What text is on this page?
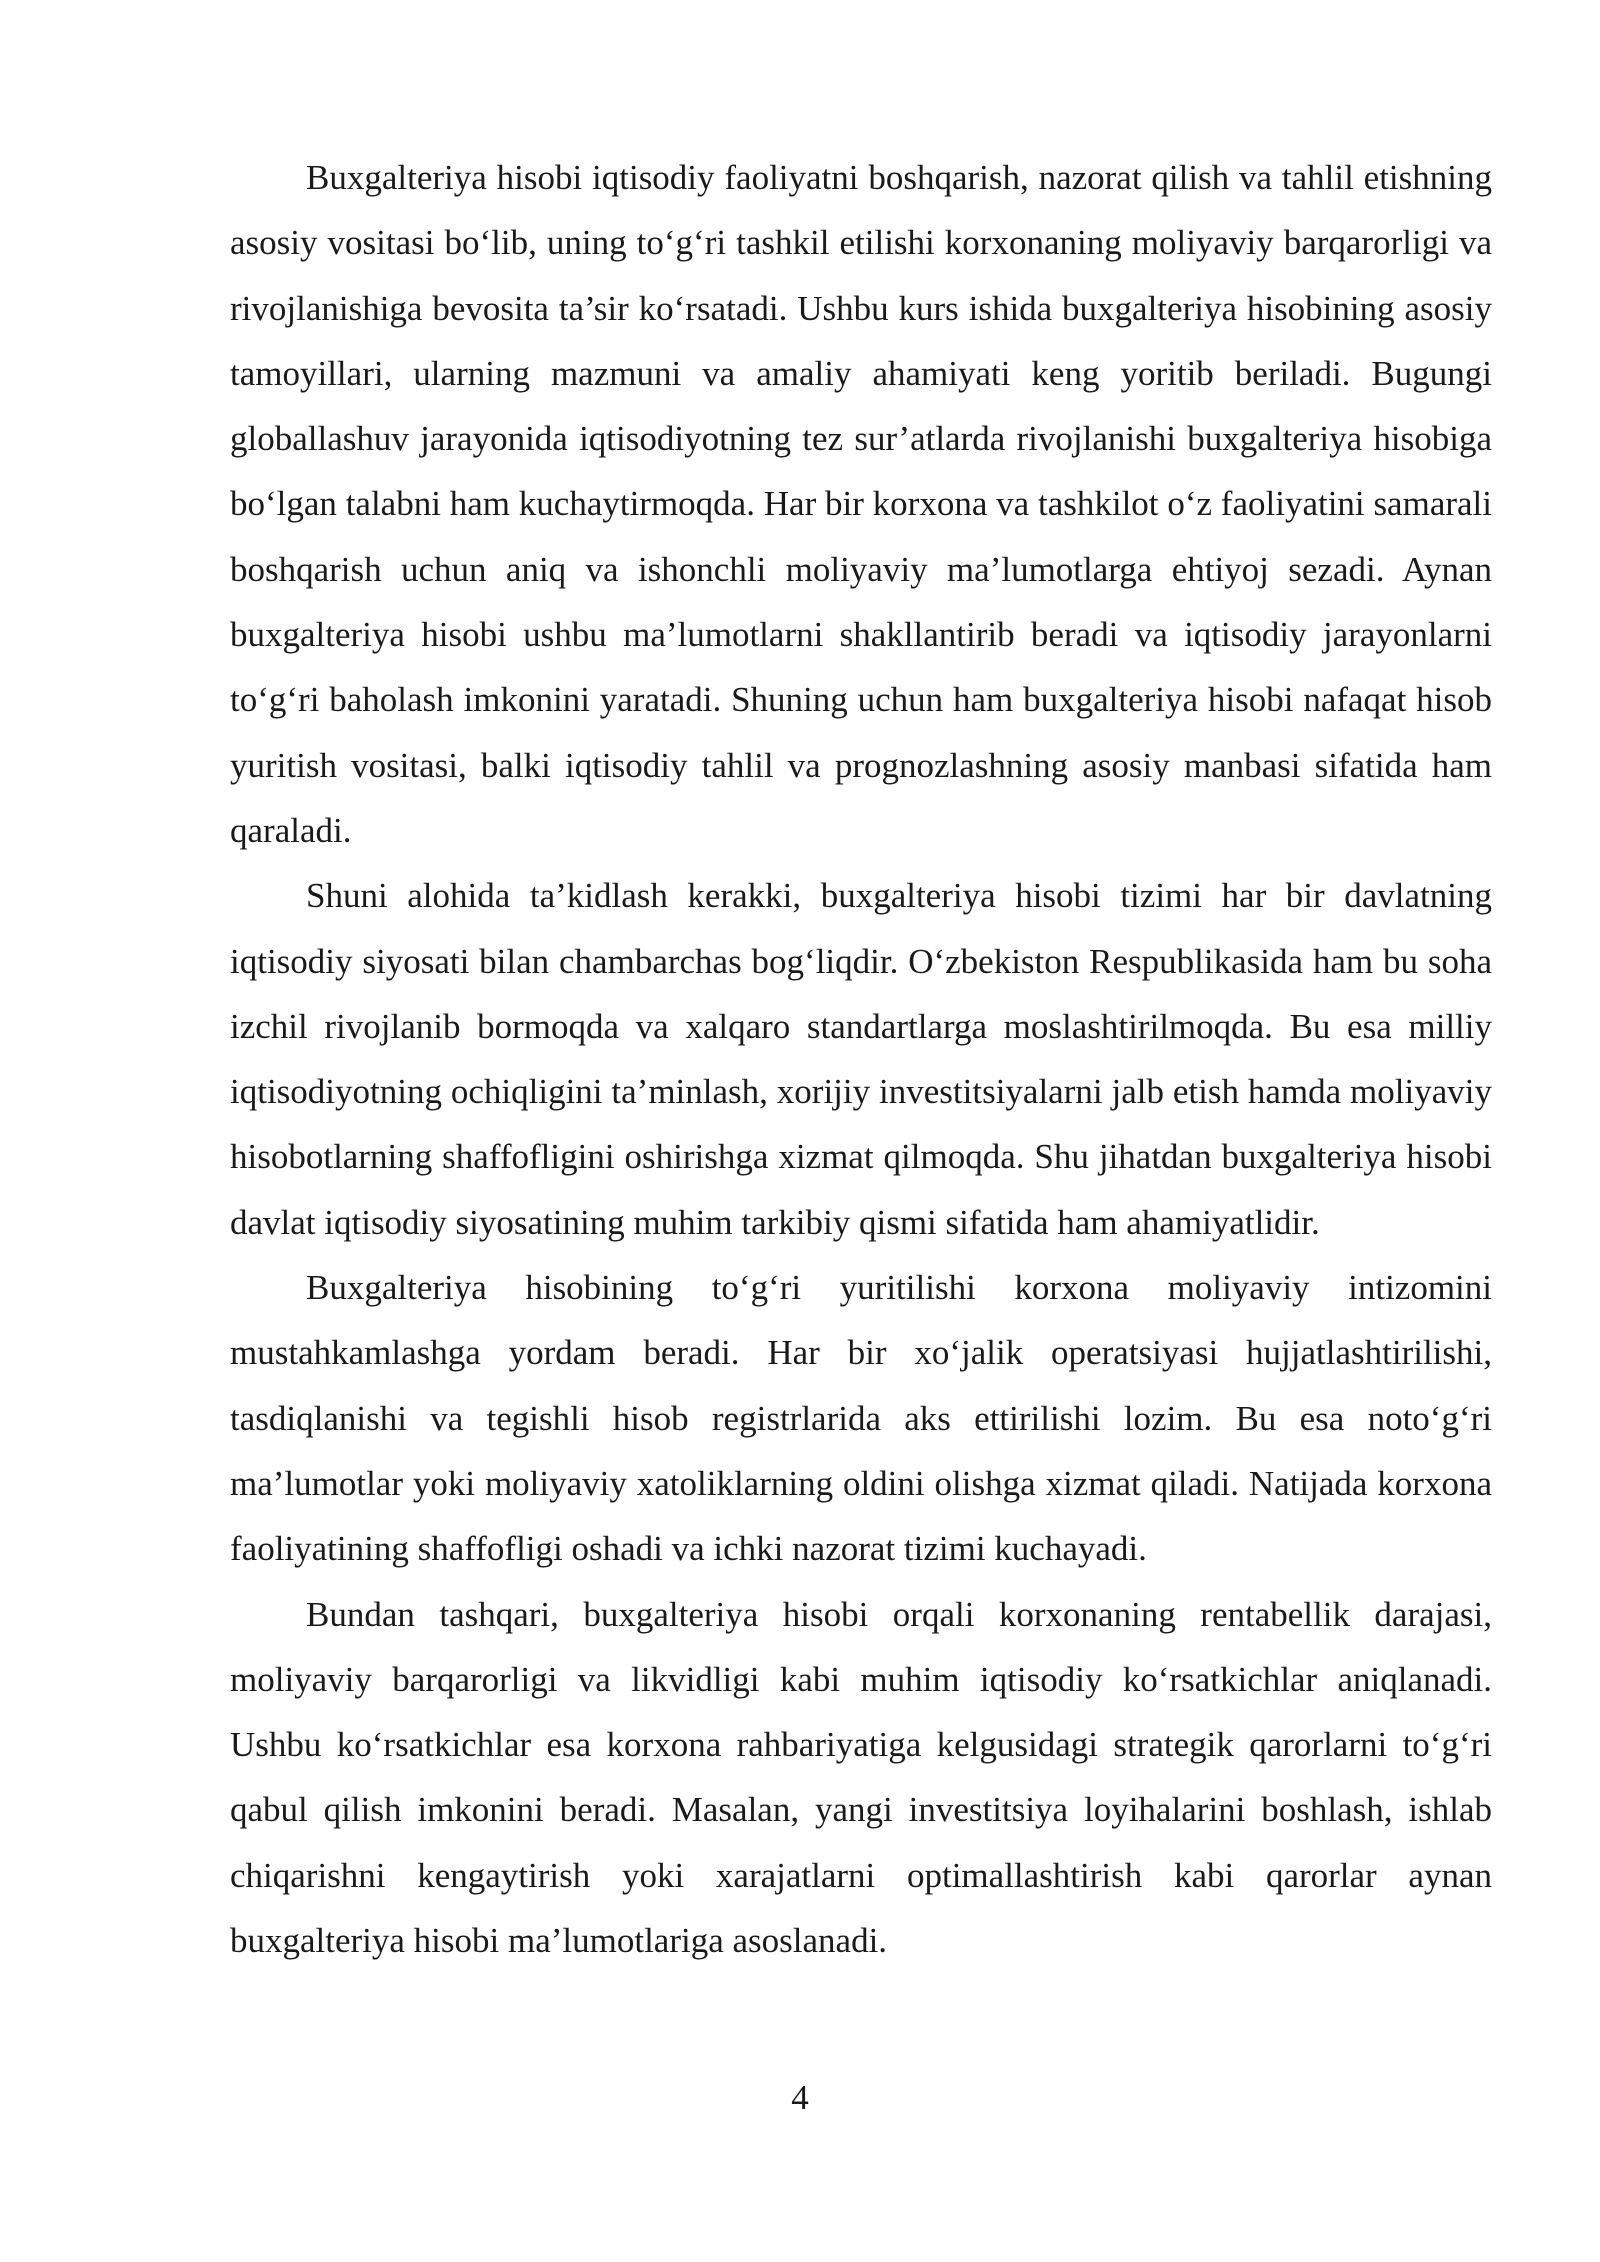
Buxgalteriya hisobi iqtisodiy faoliyatni boshqarish, nazorat qilish va tahlil etishning asosiy vositasi bo‘lib, uning to‘g‘ri tashkil etilishi korxonaning moliyaviy barqarorligi va rivojlanishiga bevosita ta’sir ko‘rsatadi. Ushbu kurs ishida buxgalteriya hisobining asosiy tamoyillari, ularning mazmuni va amaliy ahamiyati keng yoritib beriladi. Bugungi globallashuv jarayonida iqtisodiyotning tez sur’atlarda rivojlanishi buxgalteriya hisobiga bo‘lgan talabni ham kuchaytirmoqda. Har bir korxona va tashkilot o‘z faoliyatini samarali boshqarish uchun aniq va ishonchli moliyaviy ma’lumotlarga ehtiyoj sezadi. Aynan buxgalteriya hisobi ushbu ma’lumotlarni shakllantirib beradi va iqtisodiy jarayonlarni to‘g‘ri baholash imkonini yaratadi. Shuning uchun ham buxgalteriya hisobi nafaqat hisob yuritish vositasi, balki iqtisodiy tahlil va prognozlashning asosiy manbasi sifatida ham qaraladi.

Shuni alohida ta’kidlash kerakki, buxgalteriya hisobi tizimi har bir davlatning iqtisodiy siyosati bilan chambarchas bog‘liqdir. O‘zbekiston Respublikasida ham bu soha izchil rivojlanib bormoqda va xalqaro standartlarga moslashtirilmoqda. Bu esa milliy iqtisodiyotning ochiqligini ta’minlash, xorijiy investitsiyalarni jalb etish hamda moliyaviy hisobotlarning shaffofligini oshirishga xizmat qilmoqda. Shu jihatdan buxgalteriya hisobi davlat iqtisodiy siyosatining muhim tarkibiy qismi sifatida ham ahamiyatlidir.

Buxgalteriya hisobining to‘g‘ri yuritilishi korxona moliyaviy intizomini mustahkamlashga yordam beradi. Har bir xo‘jalik operatsiyasi hujjatlashtirilishi, tasdiqlanishi va tegishli hisob registrlarida aks ettirilishi lozim. Bu esa noto‘g‘ri ma’lumotlar yoki moliyaviy xatoliklarning oldini olishga xizmat qiladi. Natijada korxona faoliyatining shaffofligi oshadi va ichki nazorat tizimi kuchayadi.

Bundan tashqari, buxgalteriya hisobi orqali korxonaning rentabellik darajasi, moliyaviy barqarorligi va likvidligi kabi muhim iqtisodiy ko‘rsatkichlar aniqlanadi. Ushbu ko‘rsatkichlar esa korxona rahbariyatiga kelgusidagi strategik qarorlarni to‘g‘ri qabul qilish imkonini beradi. Masalan, yangi investitsiya loyihalarini boshlash, ishlab chiqarishni kengaytirish yoki xarajatlarni optimallashtirish kabi qarorlar aynan buxgalteriya hisobi ma’lumotlariga asoslanadi.

4
